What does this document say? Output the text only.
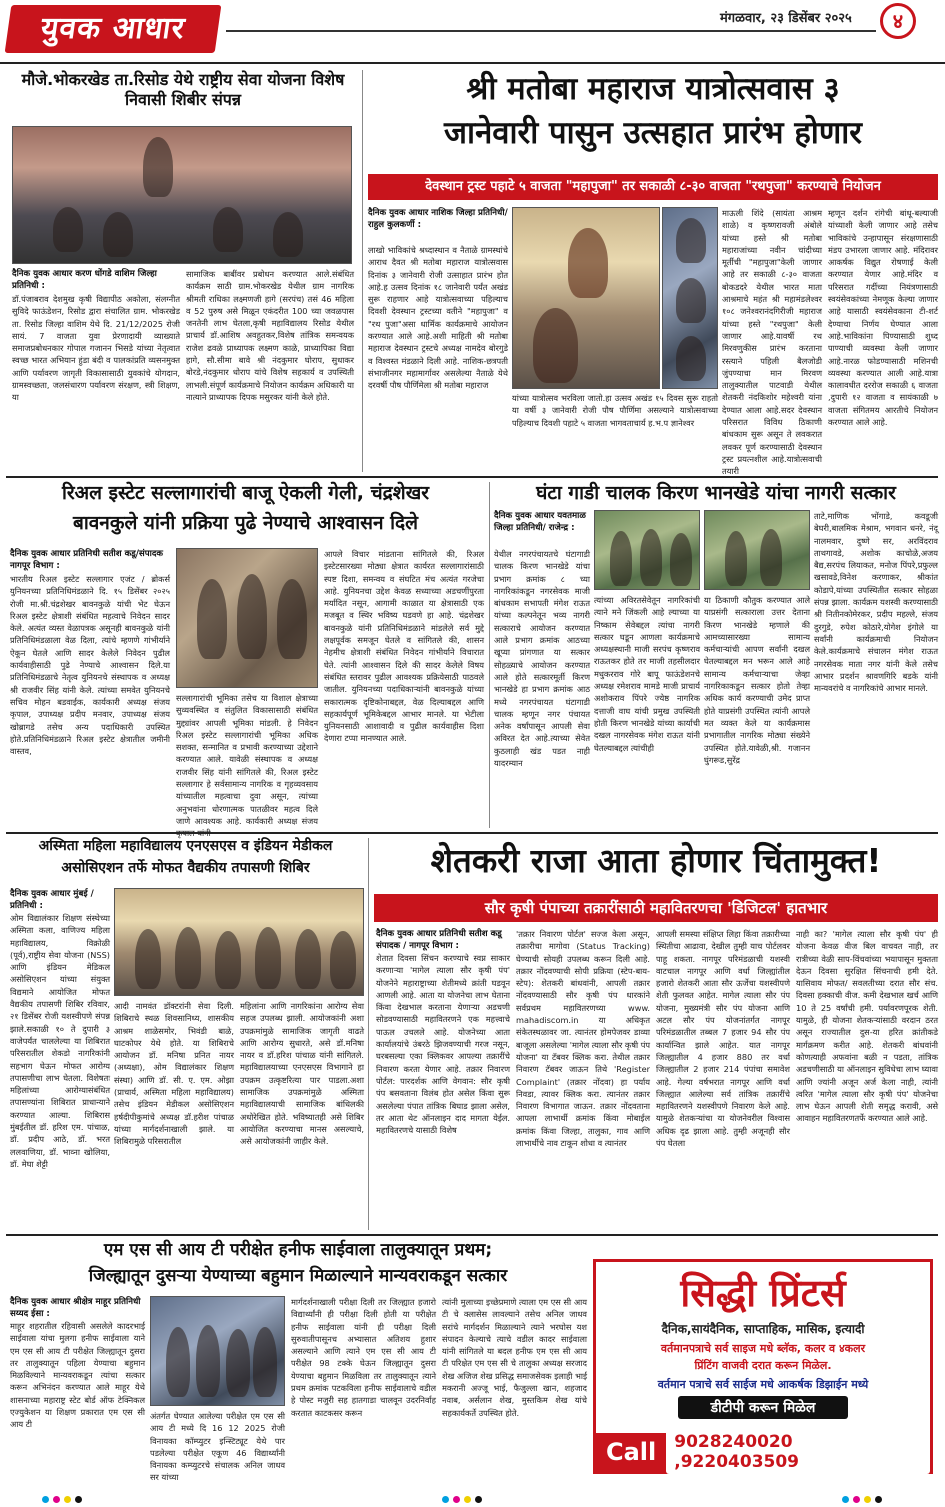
युवक आधार	मंगळवार, २३ डिसेंबर २०२५	४
मौजे.भोकरखेड ता.रिसोड येथे राष्ट्रीय सेवा योजना विशेष निवासी शिबीर संपन्न
दैनिक युवक आधार करण धोंगडे वाशिम जिल्हा प्रतिनिधी :
डॉ.पंजाबराव देशमुख कृषी विद्यापीठ अकोला, संलग्नीत सुविदे फाऊंडेशन, रिसोड द्वारा संचालित ग्राम. भोकरखेड ता. रिसोड जिल्हा वाशिम येथे दि. 21/12/2025 रोजी सायं. 7 वाजता युवा प्रेरणादायी व्याख्याते समाजप्रबोधनकार गोपाल गजानन भिसडे यांच्या नेतृत्वात स्वच्छ भारत अभियान हुंडा बंदी व पालकांप्रति व्यसनमुक्त आणि पर्यावरण जागृती विकासासाठी युवकांचे योगदान, ग्रामस्वच्छता, जलसंधारण पर्यावरण संरक्षण, स्त्री शिक्षण, या
सामाजिक बाबींवर प्रबोधन करण्यात आले.संबंधित कार्यक्रम साठी ग्राम.भोकरखेड येथील ग्राम नागरिक श्रीमती राधिका लक्ष्मणजी हागे (सरपंच) तसं 46 महिला व 52 पुरुष असे मिळून एकंदरीत 100 च्या जवळपास जनतेनी लाभ घेतला,कृषी महाविद्यालय रिसोड येथील प्राचार्य डॉ.आशिष अवहुतकर,विशेष तांत्रिक समन्वयक राजेश ढवळे प्राध्यापक लक्ष्मण काळे, प्राध्यापिका विद्या हागे, सौ.सीमा बावे श्री नंदकुमार घोराप, सुधाकर बोरडे,नंदकुमार धोराप यांचे विशेष सहकार्य व उपस्थिती लाभली.संपूर्ण कार्यक्रमाचे नियोजन कार्यक्रम अधिकारी या नात्याने प्राध्यापक दिपक मसुरकर यांनी केले होते.
श्री मतोबा महाराज यात्रोत्सवास ३
जानेवारी पासुन उत्सहात प्रारंभ होणार
देवस्थान ट्रस्ट पहाटे ५ वाजता "महापुजा" तर सकाळी ८-३० वाजता "रथपुजा" करण्याचे नियोजन
दैनिक युवक आधार नाशिक जिल्हा प्रतिनिधी/ राहुल कुलकर्णी :
लाखो भाविकांचे श्रध्दास्थान व नैताळे ग्रामस्थांचे आराध दैवत श्री मतोबा महाराज यात्रोत्सवास दिनांक ३ जानेवारी रोजी उत्साहात प्रारंभ होत आहे.ह उत्सव दिनांक १८ जानेवारी पर्यंत अखंड सुरू राहणार आहे यात्रोत्सवाच्या पहिल्याच दिवशी देवस्थान ट्रस्टच्या वतीने "महापुजा" व "रथ पुजा"असा धार्मिक कार्यक्रमाचे आयोजन करण्यात आले आहे.अशी माहिती श्री मतोबा महाराज देवस्थान ट्रस्टचे अध्यक्ष नामदेव बोरगुडे व विश्वस्त मंडळाने दिली आहे. नाशिक-छत्रपती संभाजीनगर महामार्गावर असलेल्या नैताळे येथे दरवर्षी पौष पौर्णिमेला श्री मतोबा महाराज
यांच्या यात्रोत्सव भरविला जातो.हा उत्सव अखंड १५ दिवस सुरू राहतो या वर्षी ३ जानेवारी रोजी पौष पौर्णिमा असल्याने यात्रोत्सवाच्या पहिल्याच दिवशी पहाटे ५ वाजता भागवताचार्य ह.भ.प ज्ञानेश्वर
माऊली शिंदे (सायंता आश्रम शाळे) व कृष्णरावजी अंबोले यांच्या हस्ते श्री मतोबा महाराजांच्या नवीन चांदीच्या मूर्तीची "महापुजा"केली जाणार आहे तर सकाळी ८-३० वाजता बोकडदरे येथील भारत माता आश्रमाचे महंत श्री महामंडलेश्वर १०८ जनेश्वरानंदगिरीजी महाराज यांच्या हस्ते "रथपुजा" केली जाणार आहे.यावर्षी रथ मिरवणुकीस प्रारंभ करताना रस्त्याने पहिली बैलजोडी जुंपण्याचा मान मिरवण तालुक्यातील पाटवाडी येथील शेतकरी नंदकिशोर महेश्वरी यांना देण्यात आला आहे.सदर देवस्थान परिसरात विविध ठिकाणी बांधकाम सुरू असून ते लवकरात लवकर पूर्ण करण्यासाठी देवस्थान ट्रस्ट प्रयत्नशील आहे.यात्रोत्सवाची तयारी
म्हणून दर्शन रांगेची बांधू-बल्याजी यांच्याशी केली जाणार आहे तसेच भाविकांचे उन्हापासून संरक्षणासाठी मंडप उभारला जाणार आहे. मंदिरावर आकर्षक विद्युत रोषणाई केली करण्यात येणार आहे.मंदिर व परिसरात गर्दीच्या नियंत्रणासाठी स्वयंसेवकांच्या नेमणूक केल्या जाणार आहे यासाठी स्वयंसेवकाना टी-शर्ट देण्याचा निर्णय घेण्यात आला आहे.भाविकांना पिण्यासाठी शुध्द पाण्याची व्यवस्था केली जाणार आहे.नारळ फोडण्यासाठी मशिनची व्यवस्था करण्यात आली आहे.यात्रा कालावधीत दररोज सकाळी ६ वाजता ,दुपारी १२ वाजता व सायंकाळी ७ वाजता संगितमय आरतीचे नियोजन करण्यात आले आहे.
रिअल इस्टेट सल्लागारांची बाजू ऐकली गेली, चंद्रशेखर
बावनकुले यांनी प्रक्रिया पुढे नेण्याचे आश्वासन दिले
दैनिक युवक आधार प्रतिनिधी सतीश कडू/संपादक नागपूर विभाग :
भारतीय रिअल इस्टेट सल्लागार एजंट / ब्रोकर्स युनियनच्या प्रतिनिधिमंडळाने दि. १५ डिसेंबर २०२५ रोजी मा.श्री.चंद्रशेखर बावनकुळे यांची भेट घेऊन रिअल इस्टेट क्षेत्राशी संबंधित महत्वाचे निवेदन सादर केले. अत्यंत व्यस्त वेळापत्रक असूनही बावनकुळे यांनी प्रतिनिधिमंडळाला वेळ दिला, त्यांचे म्हणणे गांभीर्याने ऐकून घेतले आणि सादर केलेले निवेदन पुढील कार्यवाहीसाठी पुढे नेण्याचे आश्वासन दिले.या प्रतिनिधिमंडळाचे नेतृत्व युनियनचे संस्थापक व अध्यक्ष श्री राजवीर सिंह यांनी केले. त्यांच्या समवेत युनियनचे सचिव मोहन बडवाईक, कार्यकारी अध्यक्ष संजय कृपाल, उपाध्यक्ष प्रदीप मनवार, उपाध्यक्ष संजय खोब्रागडे तसेच अन्य पदाधिकारी उपस्थित होते.प्रतिनिधिमंडळाने रिअल इस्टेट क्षेत्रातील जमीनी वास्तव,
सल्लागारांची भूमिका तसेच या विशाल क्षेत्राच्या सुव्यवस्थित व संतुलित विकासासाठी संबंधित मुद्द्यांवर आपली भूमिका मांडली. हे निवेदन रिअल इस्टेट सल्लागारांची भूमिका अधिक सशक्त, सन्मानित व प्रभावी करण्याच्या उद्देशाने करण्यात आले. यावेळी संस्थापक व अध्यक्ष राजवीर सिंह यांनी सांगितले की, रिअल इस्टेट सल्लागार हे सर्वसामान्य नागरिक व गृहव्यवसाय यांच्यातील महत्वाचा दुवा असून, त्यांच्या अनुभवांना धोरणात्मक पातळीवर महत्व दिले जाणे आवश्यक आहे. कार्यकारी अध्यक्ष संजय
आपले विचार मांडताना सांगितले की, रिअल इस्टेटसारख्या मोठ्या क्षेत्रात कार्यरत सल्लागारांसाठी स्पष्ट दिशा, समन्वय व संघटित मंच अत्यंत गरजेचा आहे. युनियनचा उद्देश केवळ सध्याच्या अडचणींपुरता मर्यादित नसून, आगामी काळात या क्षेत्रासाठी एक मजबूत व स्थिर भविष्य घडवणे हा आहे. चंद्रशेखर बावनकुळे यांनी प्रतिनिधिमंडळाने मांडलेले सर्व मुद्दे लक्षपूर्वक समजून घेतले व सांगितले की, शासन नेहमीच क्षेत्राशी संबंधित निवेदन गांभीर्याने विचारात घेते. त्यांनी आश्वासन दिले की सादर केलेले विषय संबंधित स्तरावर पुढील आवश्यक प्रक्रियेसाठी पाठवले जातील. युनियनच्या पदाधिकाऱ्यांनी बावनकुळे यांच्या सकारात्मक दृष्टिकोनाबद्दल, वेळ दिल्याबद्दल आणि सहकार्यपूर्ण भूमिकेबद्दल आभार मानले. या भेटीला युनियनसाठी आशावादी व पुढील कार्यवाहीस दिशा देणारा टप्पा मानण्यात आले.
घंटा गाडी चालक किरण भानखेडे यांचा नागरी सत्कार
दैनिक युवक आधार यवतमाळ जिल्हा प्रतिनिधी/ राजेन्द्र :
येथील नगरपंचायतचे घंटागाडी चालक किरण भानखेडे यांचा प्रभाग क्रमांक ८ च्या नागरिकांकडून नगरसेवक माजी बांधकाम सभापती मंगेश राऊत यांच्या कल्पनेतून भव्य नागरी सत्काराचे आयोजन करण्यात आले प्रभाग क्रमांक आठच्या खूप्या प्रांगणात या सत्कार सोहळ्याचे आयोजन करण्यात आले होते सत्कारमूर्ती किरण भानखेडे हा प्रभाग क्रमांक आठ मध्ये नगरपंचायत घंटागाडी चालक म्हणून नगर पंचायत अनेक वर्षांपासून आपली सेवा अविरत देत आहे.त्याच्या सेवेत कुठलाही खंड पडत नाही यादरम्यान
त्यांच्या अविरतसेवेतून नागरिकांची त्याने मने जिंकली आहे ल्याच्या या निष्काम सेवेबद्दल त्यांचा नागरी सत्कार घडून आणला कार्यक्रमाचे अध्यक्षस्थानी माजी सरपंच कृष्णराव राऊतकर होते तर माजी तहसीलदार मधुकरराव गोरे बापू फाऊंडेशनचे अध्यक्ष रमेशराव मामडे माजी प्राचार्य अशोकराव पिंपरे ज्येष्ठ नागरिक दत्ताजी वाघ यांची प्रमुख उपस्थिती होती किरण भानखेडे यांच्या कार्याची दखल नागरसेवक मंगेश राऊत यांनी घेतल्याबद्दल त्यांचीही
या ठिकाणी कौतुक करण्यात आले याप्रसंगी सत्काराला उत्तर देताना किरण भानखेडे म्हणाले की आमच्यासारख्या सामान्य कर्मचाऱ्यांची आपण सर्वांनी दखल घेतल्याबद्दल मन भरून आले आहे सामान्य कर्मचाऱ्याचा जेव्हा नागरिकाकडून सत्कार होतो तेव्हा अधिक कार्य करण्याची उमेद प्राप्त होते याप्रसंगी उपस्थित त्यांनी आपले मत व्यक्त केले या कार्यक्रमास प्रभागातील नागरिक मोठ्या संख्येने उपस्थित होते.यावेळी,श्री. गजानन घुंगरूड,सुरेंद्र
ताटे,माणिक भोंगाडे, कवडूजी बेघरी,बालमिक मेश्राम, भगवान धनरे, नंदू नालमवार, दुष्णे सर, अरविंदराव ताथगावडे, अशोक काचोळे,अजय बैद्य,सरपंच लियाकत, मनोज पिंपरे,प्रफुल्ल खसावडे,विनेश करणाकर, श्रीकांत कोडापे,यांच्या उपस्थितीत सत्कार सोहळा संपन्न झाला. कार्यक्रम यशस्वी करण्यासाठी श्री नितीनकोमेरकर, प्रदीप महल्ले, संजय दुरगुडे, रुपेश कोठारे,योगेश इंगोले या सर्वांनी कार्यक्रमाची नियोजन केले.कार्यक्रमाचे संचालन मंगेश राऊत नगरसेवक माता नगर यांनी केले तसेच आभार प्रदर्शन श्रावणगिरि बडके यांनी मान्यवरांचे व नागरिकांचे आभार मानले.
अस्मिता महिला महाविद्यालय एनएसएस व इंडियन मेडीकल
असोसिएशन तर्फे मोफत वैद्यकीय तपासणी शिबिर
दैनिक युवक आधार मुंबई / प्रतिनिधी :
ओम विद्यालंकार शिक्षण संस्थेच्या अस्मिता कला, वाणिज्य महिला महाविद्यालय, विक्रोळी (पूर्व),राष्ट्रीय सेवा योजना (NSS) आणि इंडियन मेडिकल असोसिएशन यांच्या संयुक्त विद्यमाने आयोजित मोफत वैद्यकीय तपासणी शिबिर रविवार, २१ डिसेंबर रोजी यशस्वीपणे संपन्न झाले.सकाळी १० ते दुपारी ३ वाजेपर्यंत चाललेल्या या शिबिरात परिसरातील शेकडो नागरिकांनी सहभाग घेऊन मोफत आरोग्य तपासणीचा लाभ घेतला. विशेषतः महिलांच्या आरोग्यासंबंधित तपासण्यांना शिबिरात प्राधान्याने करण्यात आल्या. शिबिरास मुंबईतील डॉ. हरिश एम. पांचाळ, डॉ. प्रदीप आठे, डॉ. भरत ललवाणिया, डॉ. भाव्ना खोलिया, डॉ. मेघा शेट्टी
आदी नामवंत डॉक्टरांनी सेवा दिली. शिबिराचे स्थळ शिवसानिध्य, शासकीय आश्रम शाळेसमोर, भिवंडी बाळे, घाटकोपर येथे होते. या शिबिराचे आयोजन डॉ. मनिषा प्रनित नायर (अध्यक्षा), ओम विद्यालंकार शिक्षण संस्था) आणि डॉ. सी. ए. एम. ओझा (प्राचार्य, अस्मिता महिला महाविद्यालय) तसेच इंडियन मेडीकल असोसिएशन हर्षदीपीकुमांचे अध्यक्ष डॉ.हरीश पांचाळ यांच्या मार्गदर्शनाखाली झाले. या शिबिरामुळे परिसरातील
महिलांना आणि नागरिकांना आरोग्य सेवा सहज उपलब्ध झाली. आयोजकांनी अशा उपक्रमांमुळे सामाजिक जागृती वाढते आणि आरोग्य सुधारते, असे डॉ.मनिषा नायर व डॉ.हरिश पांचाळ यांनी सांगितले. महाविद्यालयाच्या एनएसएस विभागाने हा उपक्रम उत्कृष्टरित्या पार पाडला.अशा सामाजिक उपक्रमांमुळे अस्मिता महाविद्यालयाची सामाजिक बांधिलकी अधोरेखित होते. भविष्यातही असे शिबिर आयोजित करण्याचा मानस असल्याचे, असे आयोजकांनी जाहीर केले.
शेतकरी राजा आता होणार चिंतामुक्त!
सौर कृषी पंपाच्या तक्रारींसाठी महावितरणचा 'डिजिटल' हातभार
दैनिक युवक आधार प्रतिनिधी सतीश कडू संपादक / नागपूर विभाग :
शेतात दिवसा सिंचन करण्याचे स्वप्न साकार करणाऱ्या 'मागेल त्याला सौर कृषी पंप' योजनेने महाराष्ट्राच्या शेतीमध्ये क्रांती घडवून आणली आहे. आता या योजनेचा लाभ घेताना किंवा देखभाल करताना येणाऱ्या अडचणी सोडवण्यासाठी महावितरणने एक महत्त्वाचे पाऊल उचलले आहे. योजनेच्या आता कार्यालयांचे उंबरठे झिजवण्याची गरज नसून, घरबसल्या एका क्लिकवर आपल्या तक्रारींचे निवारण करता येणार आहे. तक्रार निवारण पोर्टल: पारदर्शक आणि वेगवान: सौर कृषी पंप बसवताना विलंब होत असेल किंवा सुरू असलेल्या पंपात तांत्रिक बिघाड झाला असेल, तर आता थेट ऑनलाइन दाद मागता येईल. महावितरणचे यासाठी विशेष
'तक्रार निवारण पोर्टल' सज्ज केला असून, तक्रारीचा मागोवा (Status Tracking) घेण्याची सोयही उपलब्ध करून दिली आहे. तक्रार नोंदवण्याची सोपी प्रक्रिया (स्टेप-बाय-स्टेप): शेतकरी बांधवांनी, आपली तक्रार नोंदवण्यासाठी सौर कृषी पंप धारकांने सर्वप्रथम महावितरणच्या www. mahadiscom.in या अधिकृत संकेतस्थळावर जा. त्यानंतर होमपेजवर डाव्या बाजूला असलेल्या 'मागेल त्याला सौर कृषी पंप योजना' या टॅबवर क्लिक करा. तेथील तक्रार निवारण टॅबवर जाऊन तिथे 'Register Complaint' (तक्रार नोंदवा) हा पर्याय निवडा, त्यावर क्लिक करा. त्यानंतर तक्रार निवारण विभागात जाऊन. तक्रार नोंदवताना आपला लाभार्थी क्रमांक किंवा मोबाईल क्रमांक किंवा जिल्हा, तालुका, गाव आणि लाभार्थीचे नाव टाकून शोधा व त्यानंतर
आपली समस्या संक्षिप्त लिहा किंवा तक्रारीच्या स्थितीचा आढावा, देखील तुम्ही याच पोर्टलवर पाहू शकता. नागपूर परिमंडळाची यशस्वी वाटचाल नागपूर आणि वर्धा जिल्ह्यांतील हजारो शेतकरी आता सौर ऊर्जेचा यशस्वीपणे शेती फुलवत आहेत. मागेल त्याला सौर पंप योजना, मुख्यमंत्री सौर पंप योजना आणि अटल सौर पंप योजनांतर्गत नागपूर परिमंडळातील तब्बल 7 हजार 94 सौर पंप कार्यान्वित झाले आहेत. यात नागपूर जिल्ह्यातील 4 हजार 880 तर वर्धा जिल्ह्यातील 2 हजार 214 पंपांचा समावेश आहे. गेल्या वर्षभरात नागपूर आणि वर्धा जिल्ह्यात आलेल्या सर्व तांत्रिक तक्रारींचे महावितरणने यशस्वीपणे निवारण केले आहे. यामुळे शेतकऱ्यांचा या योजनेवरील विश्वास अधिक दृढ झाला आहे. तुम्ही अजूनही सौर पंप घेतला
नाही का? 'मागेल त्याला सौर कृषी पंप' ही योजना केवळ वीज बिल वाचवत नाही, तर रात्रीच्या वेळी साप-विंचवांच्या भयापासून मुक्तता देऊन दिवसा सुरक्षित सिंचनाची हमी देते. यासिवाय मोफत/ सवलतीच्या दरात सौर संच. दिवसा हक्काची वीज. कमी देखभाल खर्च आणि 10 ते 25 वर्षांची हमी. पर्यावरणपूरक शेती. यामुळे, ही योजना शेतकऱ्यांसाठी वरदान ठरत असून राज्यातील दुस-या हरित क्रांतीकडे मार्गक्रमण करीत आहे. शेतकरी बांधवांनी कोणत्याही अफवांना बळी न पडता, तांत्रिक अडचणीसाठी या ऑनलाइन सुविधेचा लाभ घ्यावा आणि ज्यांनी अजून अर्ज केला नाही, त्यांनी त्वरित 'मागेल त्याला सौर कृषी पंप' योजनेचा लाभ घेऊन आपली शेती समृद्ध करावी, असे आवाहन महावितरणतर्फे करण्यात आले आहे.
एम एस सी आय टी परीक्षेत हनीफ साईवाला तालुक्यातून प्रथम;
जिल्ह्यातून दुसऱ्या येण्याच्या बहुमान मिळाल्याने मान्यवराकडून सत्कार
दैनिक युवक आधार श्रीक्षेत्र माहूर प्रतिनिधी सय्यद ईसा :
माहूर शहरातील रहिवासी असलेले कादरभाई साईवाला यांचा मुलगा हनीफ साईवाला याने एम एस सी आय टी परीक्षेत जिल्ह्यातून दुसरा तर तालुक्यातून पहिला येण्याचा बहुमान मिळविल्याने मान्यवराकडून त्यांचा सत्कार करून अभिनंदन करण्यात आले माहूर येथे शासनाच्या महाराष्ट्र स्टेट बोर्ड ऑफ टेक्निकल एज्युकेशन या शिक्षण प्रकारात एम एस सी आय टी
अंतर्गत घेण्यात आलेल्या परीक्षेत एम एस सी आय टी मध्ये दि 16 12 2025 रोजी विनायका कॉम्प्युटर इन्स्टिट्यूट येथे पार पडलेल्या परीक्षेत एकूण 46 विद्यार्थ्यांनी विनायका कम्प्युटरचे संचालक अनिल जाधव सर यांच्या
मार्गदर्शनाखाली परीक्षा दिली तर जिल्ह्यात हजारो विद्यार्थ्यांनी ही परीक्षा दिली होती या परीक्षेत हनीफ साईवाला यांनी ही परीक्षा दिली सुरुवातीपासूनच अभ्यासात अतिशय हुशार असल्याने आणि त्याने एम एस सी आय टी परीक्षेत 98 टक्के घेऊन जिल्ह्यातून दुसरा येण्याचा बहुमान मिळविला तर तालुक्यातून त्याने प्रथम क्रमांक पटकविला हनीफ साईवालाचे वडील हे पोस्ट मजुरी सह हातगाडा चालवून उदरनिर्वाह करतात काटकसर करून
त्यांनी मुलाच्या इच्छेप्रमाणे त्याला एम एस सी आय टी चे क्लासेस लावल्याने तसेच अनिल जाधव सरांचे मार्गदर्शन मिळाल्याने त्याने भरघोस यश संपादन केल्याचे त्याचे वडील कादर साईवाला यांनी सांगितले या बदल हनीफ एम एस सी आय टी परिक्षेत एम एस सी चे तालुका अध्यक्ष सरजाद शेख अजिज शेख प्रसिद्ध समाजसेवक इलाही भाई मकरानी अज्जू भाई, फैजुल्ला खान, शहजाद नवाब, अर्सलान शेख, मुस्तकिम शेख यांचे सहकार्यकर्ते उपस्थित होते.
सिद्धी प्रिंटर्स
दैनिक,सायंदैनिक, साप्ताहिक, मासिक, इत्यादी
वर्तमानपत्राचे सर्व साइज मधे ब्लॅक, कलर व ४कलर
प्रिंटिंग वाजवी दरात करून मिळेल.
वर्तमान पत्राचे सर्व साईज मधे आकर्षक डिझाईन मध्ये
डीटीपी करून मिळेल
Call	9028240020 ,9220403509
